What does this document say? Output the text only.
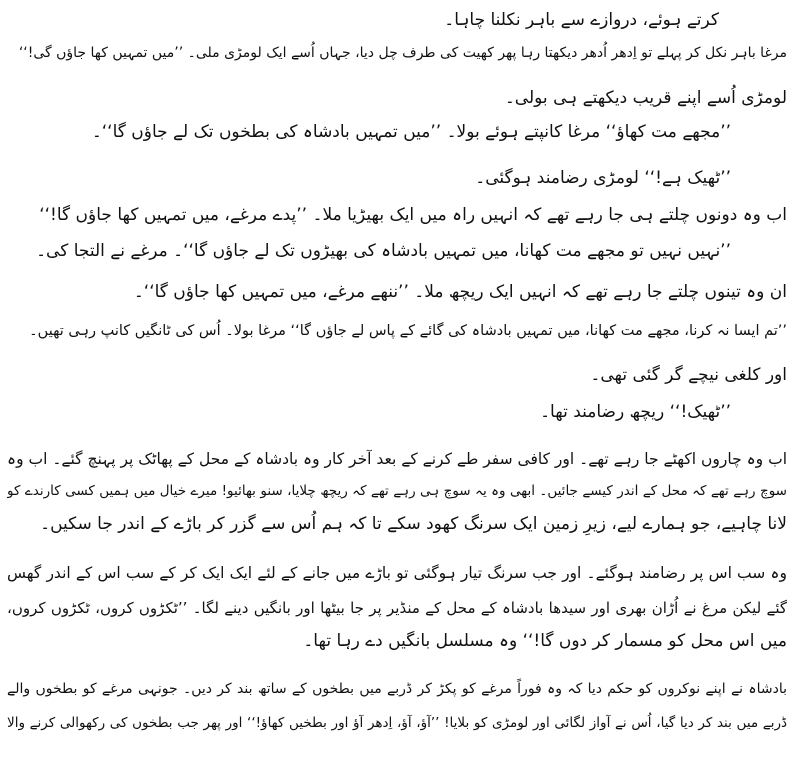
کرتے ہوئے، دروازے سے باہر نکلنا چاہا۔
مرغا باہر نکل کر پہلے تو اِدھر اُدھر دیکھتا رہا پھر کھیت کی طرف چل دیا، جہاں اُسے ایک لومڑی ملی۔ ’’میں تمہیں کھا جاؤں گی!‘‘
لومڑی اُسے اپنے قریب دیکھتے ہی بولی۔
’’مجھے مت کھاؤ‘‘ مرغا کانپتے ہوئے بولا۔ ’’میں تمہیں بادشاہ کی بطخوں تک لے جاؤں گا‘‘۔
’’ٹھیک ہے!‘‘ لومڑی رضامند ہوگئی۔
اب وہ دونوں چلتے ہی جا رہے تھے کہ انہیں راہ میں ایک بھیڑیا ملا۔ ’’پدے مرغے، میں تمہیں کھا جاؤں گا!‘‘
’’نہیں نہیں تو مجھے مت کھانا، میں تمہیں بادشاہ کی بھیڑوں تک لے جاؤں گا‘‘۔ مرغے نے التجا کی۔
ان وہ تینوں چلتے جا رہے تھے کہ انہیں ایک ریچھ ملا۔ ’’ننھے مرغے، میں تمہیں کھا جاؤں گا‘‘۔
’’تم ایسا نہ کرنا، مجھے مت کھانا، میں تمہیں بادشاہ کی گائے کے پاس لے جاؤں گا‘‘ مرغا بولا۔ اُس کی ٹانگیں کانپ رہی تھیں۔
اور کلغی نیچے گر گئی تھی۔
’’ٹھیک!‘‘ ریچھ رضامند تھا۔
اب وہ چاروں اکھٹے جا رہے تھے۔ اور کافی سفر طے کرنے کے بعد آخر کار وہ بادشاہ کے محل کے پھاٹک پر پہنچ گئے۔ اب وہ
سوچ رہے تھے کہ محل کے اندر کیسے جائیں۔ ابھی وہ یہ سوچ ہی رہے تھے کہ ریچھ چلایا، سنو بھائیو! میرے خیال میں ہمیں کسی کارندے کو
لانا چاہیے، جو ہمارے لیے، زیرِ زمین ایک سرنگ کھود سکے تا کہ ہم اُس سے گزر کر باڑے کے اندر جا سکیں۔
وہ سب اس پر رضامند ہوگئے۔ اور جب سرنگ تیار ہوگئی تو باڑے میں جانے کے لئے ایک ایک کر کے سب اس کے اندر گھس
گئے لیکن مرغ نے اُڑان بھری اور سیدھا بادشاہ کے محل کے منڈیر پر جا بیٹھا اور بانگیں دینے لگا۔ ’’ٹکڑوں کروں، ٹکڑوں کروں،
میں اس محل کو مسمار کر دوں گا!‘‘ وہ مسلسل بانگیں دے رہا تھا۔
بادشاہ نے اپنے نوکروں کو حکم دیا کہ وہ فوراً مرغے کو پکڑ کر ڈربے میں بطخوں کے ساتھ بند کر دیں۔ جونہی مرغے کو بطخوں والے
ڈربے میں بند کر دیا گیا، اُس نے آواز لگائی اور لومڑی کو بلایا! ’’آؤ، آؤ، اِدھر آؤ اور بطخیں کھاؤ!‘‘ اور پھر جب بطخوں کی رکھوالی کرنے والا
